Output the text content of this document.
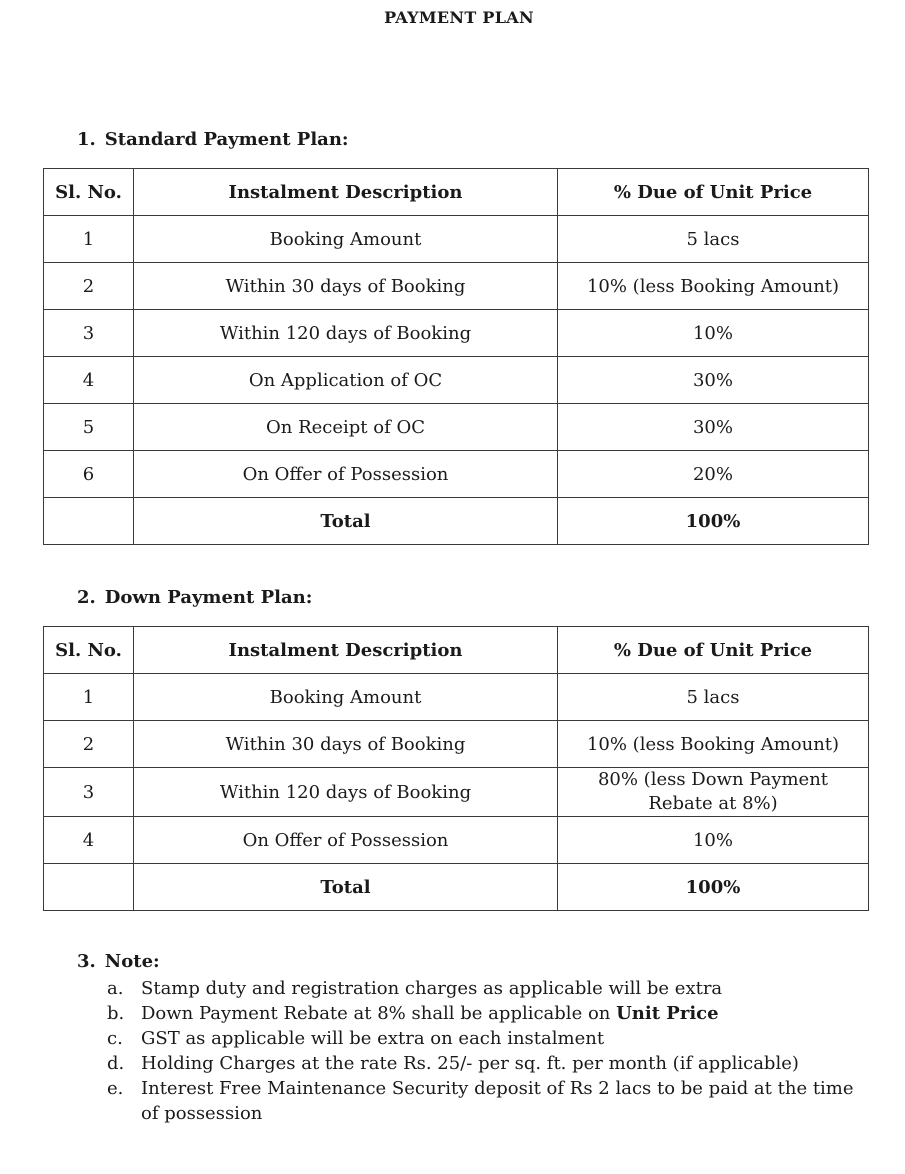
PAYMENT PLAN
1. Standard Payment Plan:
Sl. No.	Instalment Description	% Due of Unit Price
1	Booking Amount	5 lacs
2	Within 30 days of Booking	10% (less Booking Amount)
3	Within 120 days of Booking	10%
4	On Application of OC	30%
5	On Receipt of OC	30%
6	On Offer of Possession	20%
	Total	100%
2. Down Payment Plan:
Sl. No.	Instalment Description	% Due of Unit Price
1	Booking Amount	5 lacs
2	Within 30 days of Booking	10% (less Booking Amount)
3	Within 120 days of Booking	80% (less Down Payment
Rebate at 8%)
4	On Offer of Possession	10%
	Total	100%
3. Note:
a. Stamp duty and registration charges as applicable will be extra
b. Down Payment Rebate at 8% shall be applicable on Unit Price
c. GST as applicable will be extra on each instalment
d. Holding Charges at the rate Rs. 25/- per sq. ft. per month (if applicable)
e. Interest Free Maintenance Security deposit of Rs 2 lacs to be paid at the time of possession
